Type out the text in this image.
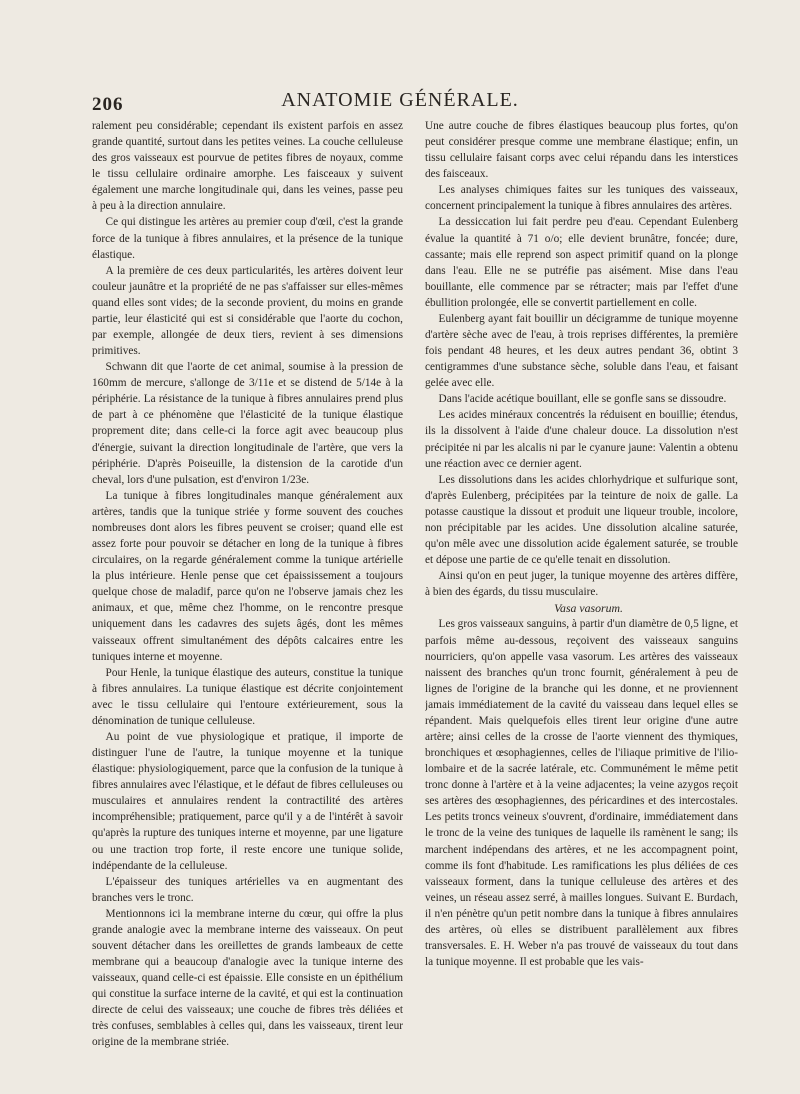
206	ANATOMIE GÉNÉRALE.

ralement peu considérable; cependant ils existent parfois en assez grande quantité, surtout dans les petites veines. La couche celluleuse des gros vaisseaux est pourvue de petites fibres de noyaux, comme le tissu cellulaire ordinaire amorphe. Les faisceaux y suivent également une marche longitudinale qui, dans les veines, passe peu à peu à la direction annulaire.

Ce qui distingue les artères au premier coup d'œil, c'est la grande force de la tunique à fibres annulaires, et la présence de la tunique élastique.

A la première de ces deux particularités, les artères doivent leur couleur jaunâtre et la propriété de ne pas s'affaisser sur elles-mêmes quand elles sont vides; de la seconde provient, du moins en grande partie, leur élasticité qui est si considérable que l'aorte du cochon, par exemple, allongée de deux tiers, revient à ses dimensions primitives.

Schwann dit que l'aorte de cet animal, soumise à la pression de 160mm de mercure, s'allonge de 3/11e et se distend de 5/14e à la périphérie. La résistance de la tunique à fibres annulaires prend plus de part à ce phénomène que l'élasticité de la tunique élastique proprement dite; dans celle-ci la force agit avec beaucoup plus d'énergie, suivant la direction longitudinale de l'artère, que vers la périphérie. D'après Poiseuille, la distension de la carotide d'un cheval, lors d'une pulsation, est d'environ 1/23e.

La tunique à fibres longitudinales manque généralement aux artères, tandis que la tunique striée y forme souvent des couches nombreuses dont alors les fibres peuvent se croiser; quand elle est assez forte pour pouvoir se détacher en long de la tunique à fibres circulaires, on la regarde généralement comme la tunique artérielle la plus intérieure. Henle pense que cet épaississement a toujours quelque chose de maladif, parce qu'on ne l'observe jamais chez les animaux, et que, même chez l'homme, on le rencontre presque uniquement dans les cadavres des sujets âgés, dont les mêmes vaisseaux offrent simultanément des dépôts calcaires entre les tuniques interne et moyenne.

Pour Henle, la tunique élastique des auteurs, constitue la tunique à fibres annulaires. La tunique élastique est décrite conjointement avec le tissu cellulaire qui l'entoure extérieurement, sous la dénomination de tunique celluleuse.

Au point de vue physiologique et pratique, il importe de distinguer l'une de l'autre, la tunique moyenne et la tunique élastique: physiologiquement, parce que la confusion de la tunique à fibres annulaires avec l'élastique, et le défaut de fibres celluleuses ou musculaires et annulaires rendent la contractilité des artères incompréhensible; pratiquement, parce qu'il y a de l'intérêt à savoir qu'après la rupture des tuniques interne et moyenne, par une ligature ou une traction trop forte, il reste encore une tunique solide, indépendante de la celluleuse.

L'épaisseur des tuniques artérielles va en augmentant des branches vers le tronc.

Mentionnons ici la membrane interne du cœur, qui offre la plus grande analogie avec la membrane interne des vaisseaux. On peut souvent détacher dans les oreillettes de grands lambeaux de cette membrane qui a beaucoup d'analogie avec la tunique interne des vaisseaux, quand celle-ci est épaissie. Elle consiste en un épithélium qui constitue la surface interne de la cavité, et qui est la continuation directe de celui des vaisseaux; une couche de fibres très déliées et très confuses, semblables à celles qui, dans les vaisseaux, tirent leur origine de la membrane striée.

Une autre couche de fibres élastiques beaucoup plus fortes, qu'on peut considérer presque comme une membrane élastique; enfin, un tissu cellulaire faisant corps avec celui répandu dans les interstices des faisceaux.

Les analyses chimiques faites sur les tuniques des vaisseaux, concernent principalement la tunique à fibres annulaires des artères.

La dessiccation lui fait perdre peu d'eau. Cependant Eulenberg évalue la quantité à 71 o/o; elle devient brunâtre, foncée; dure, cassante; mais elle reprend son aspect primitif quand on la plonge dans l'eau. Elle ne se putréfie pas aisément. Mise dans l'eau bouillante, elle commence par se rétracter; mais par l'effet d'une ébullition prolongée, elle se convertit partiellement en colle.

Eulenberg ayant fait bouillir un décigramme de tunique moyenne d'artère sèche avec de l'eau, à trois reprises différentes, la première fois pendant 48 heures, et les deux autres pendant 36, obtint 3 centigrammes d'une substance sèche, soluble dans l'eau, et faisant gelée avec elle.

Dans l'acide acétique bouillant, elle se gonfle sans se dissoudre.

Les acides minéraux concentrés la réduisent en bouillie; étendus, ils la dissolvent à l'aide d'une chaleur douce. La dissolution n'est précipitée ni par les alcalis ni par le cyanure jaune: Valentin a obtenu une réaction avec ce dernier agent.

Les dissolutions dans les acides chlorhydrique et sulfurique sont, d'après Eulenberg, précipitées par la teinture de noix de galle. La potasse caustique la dissout et produit une liqueur trouble, incolore, non précipitable par les acides. Une dissolution alcaline saturée, qu'on mêle avec une dissolution acide également saturée, se trouble et dépose une partie de ce qu'elle tenait en dissolution.

Ainsi qu'on en peut juger, la tunique moyenne des artères diffère, à bien des égards, du tissu musculaire.

Vasa vasorum.

Les gros vaisseaux sanguins, à partir d'un diamètre de 0,5 ligne, et parfois même au-dessous, reçoivent des vaisseaux sanguins nourriciers, qu'on appelle vasa vasorum. Les artères des vaisseaux naissent des branches qu'un tronc fournit, généralement à peu de lignes de l'origine de la branche qui les donne, et ne proviennent jamais immédiatement de la cavité du vaisseau dans lequel elles se répandent. Mais quelquefois elles tirent leur origine d'une autre artère; ainsi celles de la crosse de l'aorte viennent des thymiques, bronchiques et œsophagiennes, celles de l'iliaque primitive de l'ilio-lombaire et de la sacrée latérale, etc. Communément le même petit tronc donne à l'artère et à la veine adjacentes; la veine azygos reçoit ses artères des œsophagiennes, des péricardines et des intercostales. Les petits troncs veineux s'ouvrent, d'ordinaire, immédiatement dans le tronc de la veine des tuniques de laquelle ils ramènent le sang; ils marchent indépendans des artères, et ne les accompagnent point, comme ils font d'habitude. Les ramifications les plus déliées de ces vaisseaux forment, dans la tunique celluleuse des artères et des veines, un réseau assez serré, à mailles longues. Suivant E. Burdach, il n'en pénètre qu'un petit nombre dans la tunique à fibres annulaires des artères, où elles se distribuent parallèlement aux fibres transversales. E. H. Weber n'a pas trouvé de vaisseaux du tout dans la tunique moyenne. Il est probable que les vais-
